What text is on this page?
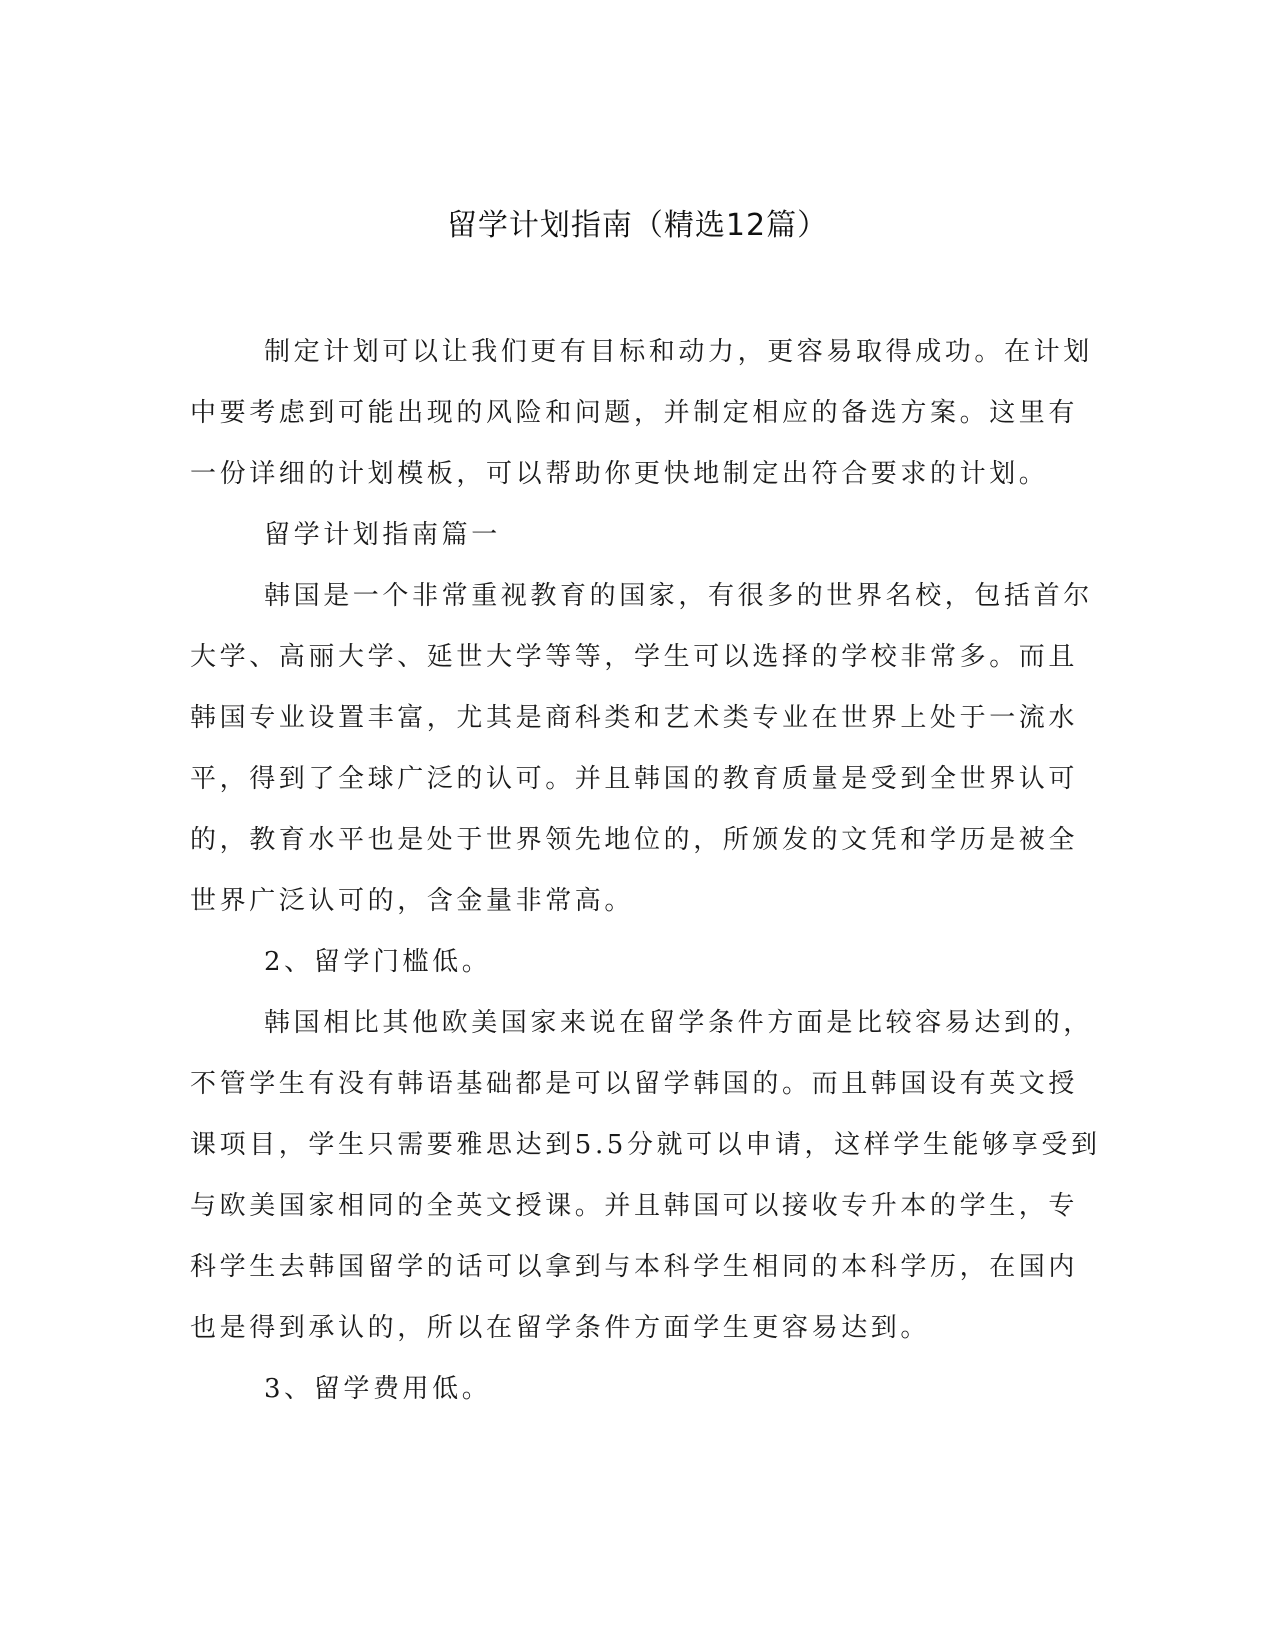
留学计划指南（精选12篇）

制定计划可以让我们更有目标和动力，更容易取得成功。在计划
中要考虑到可能出现的风险和问题，并制定相应的备选方案。这里有
一份详细的计划模板，可以帮助你更快地制定出符合要求的计划。

留学计划指南篇一

韩国是一个非常重视教育的国家，有很多的世界名校，包括首尔
大学、高丽大学、延世大学等等，学生可以选择的学校非常多。而且
韩国专业设置丰富，尤其是商科类和艺术类专业在世界上处于一流水
平，得到了全球广泛的认可。并且韩国的教育质量是受到全世界认可
的，教育水平也是处于世界领先地位的，所颁发的文凭和学历是被全
世界广泛认可的，含金量非常高。

2、留学门槛低。

韩国相比其他欧美国家来说在留学条件方面是比较容易达到的，
不管学生有没有韩语基础都是可以留学韩国的。而且韩国设有英文授
课项目，学生只需要雅思达到5.5分就可以申请，这样学生能够享受到
与欧美国家相同的全英文授课。并且韩国可以接收专升本的学生，专
科学生去韩国留学的话可以拿到与本科学生相同的本科学历，在国内
也是得到承认的，所以在留学条件方面学生更容易达到。

3、留学费用低。
